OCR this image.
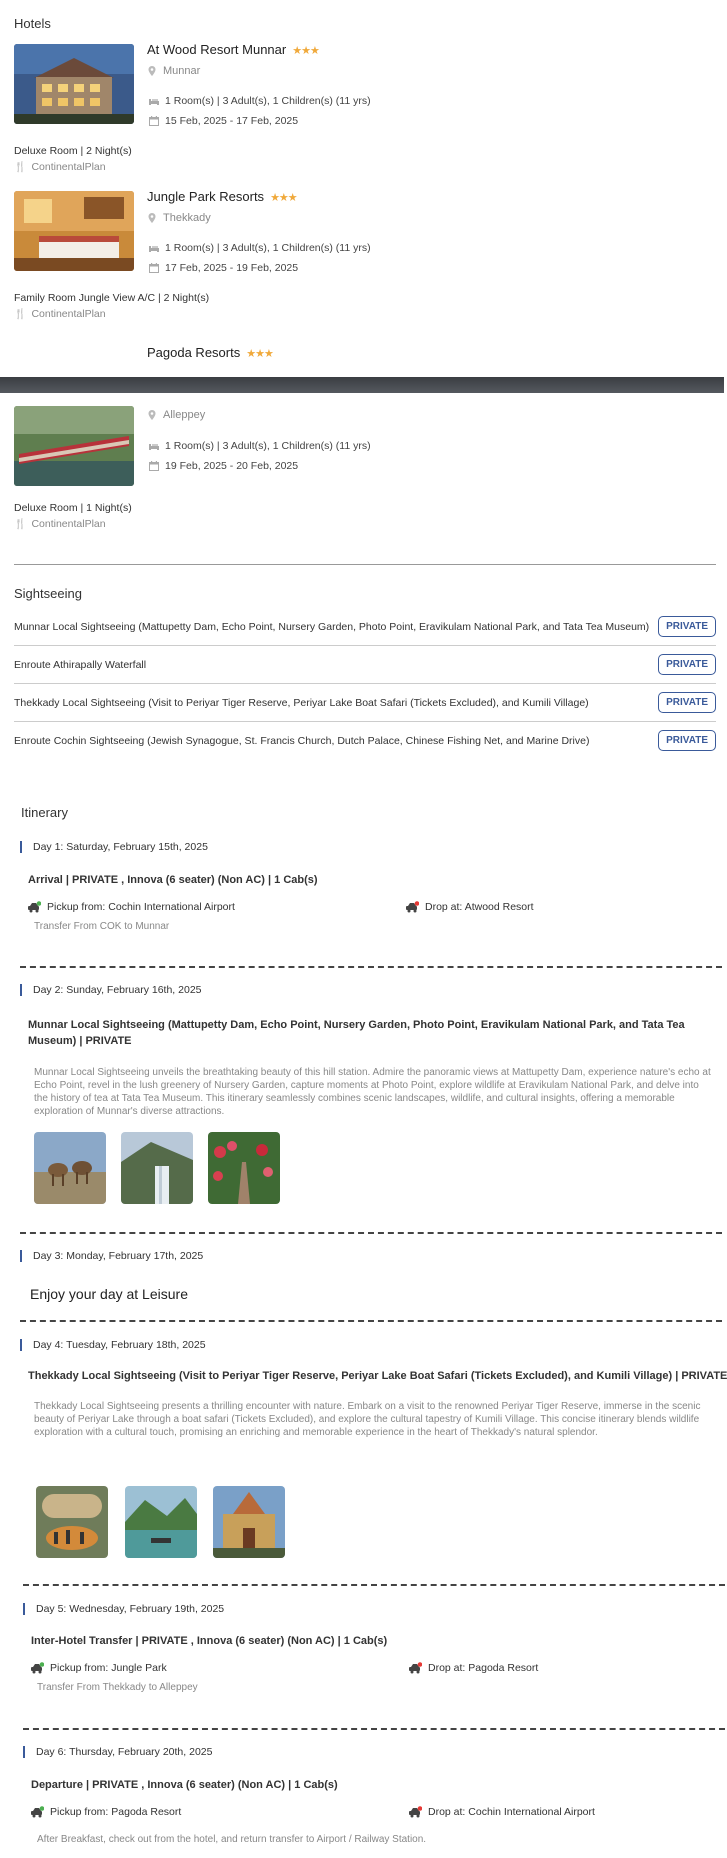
Hotels
At Wood Resort Munnar ★★★
Munnar
1 Room(s) | 3 Adult(s), 1 Children(s) (11 yrs)
15 Feb, 2025 - 17 Feb, 2025
Deluxe Room | 2 Night(s)
🍴 ContinentalPlan
Jungle Park Resorts ★★★
Thekkady
1 Room(s) | 3 Adult(s), 1 Children(s) (11 yrs)
17 Feb, 2025 - 19 Feb, 2025
Family Room Jungle View A/C | 2 Night(s)
🍴 ContinentalPlan
Pagoda Resorts ★★★
Alleppey
1 Room(s) | 3 Adult(s), 1 Children(s) (11 yrs)
19 Feb, 2025 - 20 Feb, 2025
Deluxe Room | 1 Night(s)
🍴 ContinentalPlan
Sightseeing
Munnar Local Sightseeing (Mattupetty Dam, Echo Point, Nursery Garden, Photo Point, Eravikulam National Park, and Tata Tea Museum)	PRIVATE
Enroute Athirapally Waterfall	PRIVATE
Thekkady Local Sightseeing (Visit to Periyar Tiger Reserve, Periyar Lake Boat Safari (Tickets Excluded), and Kumili Village)	PRIVATE
Enroute Cochin Sightseeing (Jewish Synagogue, St. Francis Church, Dutch Palace, Chinese Fishing Net, and Marine Drive)	PRIVATE
Itinerary
Day 1: Saturday, February 15th, 2025
Arrival | PRIVATE , Innova (6 seater) (Non AC) | 1 Cab(s)
Pickup from: Cochin International Airport	Drop at: Atwood Resort
Transfer From COK to Munnar
Day 2: Sunday, February 16th, 2025
Munnar Local Sightseeing (Mattupetty Dam, Echo Point, Nursery Garden, Photo Point, Eravikulam National Park, and Tata Tea Museum) | PRIVATE
Munnar Local Sightseeing unveils the breathtaking beauty of this hill station. Admire the panoramic views at Mattupetty Dam, experience nature's echo at Echo Point, revel in the lush greenery of Nursery Garden, capture moments at Photo Point, explore wildlife at Eravikulam National Park, and delve into the history of tea at Tata Tea Museum. This itinerary seamlessly combines scenic landscapes, wildlife, and cultural insights, offering a memorable exploration of Munnar's diverse attractions.
Day 3: Monday, February 17th, 2025
Enjoy your day at Leisure
Day 4: Tuesday, February 18th, 2025
Thekkady Local Sightseeing (Visit to Periyar Tiger Reserve, Periyar Lake Boat Safari (Tickets Excluded), and Kumili Village) | PRIVATE
Thekkady Local Sightseeing presents a thrilling encounter with nature. Embark on a visit to the renowned Periyar Tiger Reserve, immerse in the scenic beauty of Periyar Lake through a boat safari (Tickets Excluded), and explore the cultural tapestry of Kumili Village. This concise itinerary blends wildlife exploration with a cultural touch, promising an enriching and memorable experience in the heart of Thekkady's natural splendor.
Day 5: Wednesday, February 19th, 2025
Inter-Hotel Transfer | PRIVATE , Innova (6 seater) (Non AC) | 1 Cab(s)
Pickup from: Jungle Park	Drop at: Pagoda Resort
Transfer From Thekkady to Alleppey
Day 6: Thursday, February 20th, 2025
Departure | PRIVATE , Innova (6 seater) (Non AC) | 1 Cab(s)
Pickup from: Pagoda Resort	Drop at: Cochin International Airport
After Breakfast, check out from the hotel, and return transfer to Airport / Railway Station.
